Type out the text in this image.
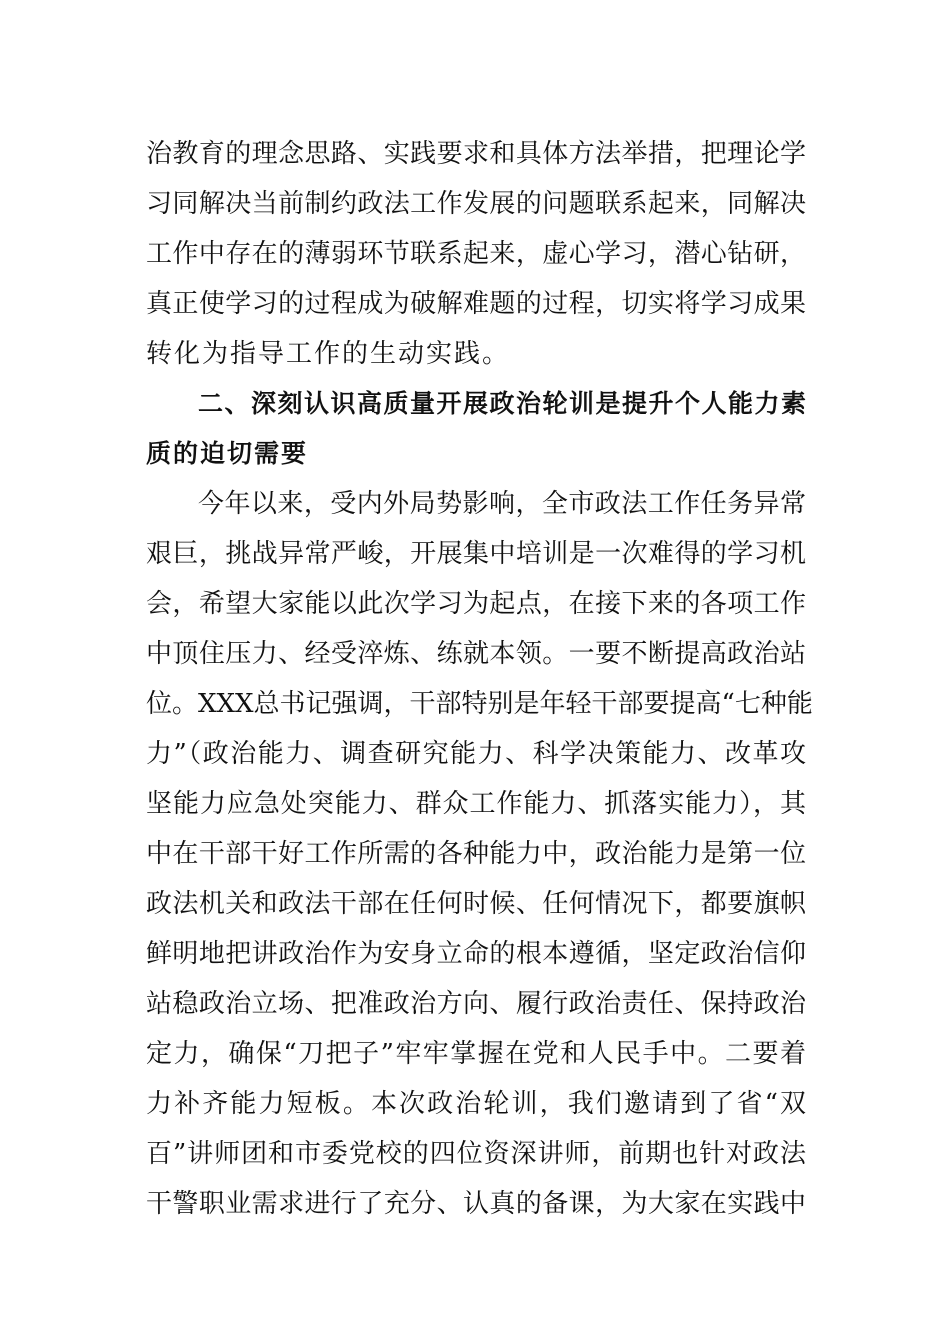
治教育的理念思路、实践要求和具体方法举措，把理论学
习同解决当前制约政法工作发展的问题联系起来，同解决
工作中存在的薄弱环节联系起来，虚心学习，潜心钻研，
真正使学习的过程成为破解难题的过程，切实将学习成果
转化为指导工作的生动实践。
二、深刻认识高质量开展政治轮训是提升个人能力素
质的迫切需要
今年以来，受内外局势影响，全市政法工作任务异常
艰巨，挑战异常严峻，开展集中培训是一次难得的学习机
会，希望大家能以此次学习为起点，在接下来的各项工作
中顶住压力、经受淬炼、练就本领。一要不断提高政治站
位。XXX总书记强调，干部特别是年轻干部要提高“七种能
力”（政治能力、调查研究能力、科学决策能力、改革攻
坚能力应急处突能力、群众工作能力、抓落实能力），其
中在干部干好工作所需的各种能力中，政治能力是第一位
政法机关和政法干部在任何时候、任何情况下，都要旗帜
鲜明地把讲政治作为安身立命的根本遵循，坚定政治信仰
站稳政治立场、把准政治方向、履行政治责任、保持政治
定力，确保“刀把子”牢牢掌握在党和人民手中。二要着
力补齐能力短板。本次政治轮训，我们邀请到了省“双
百”讲师团和市委党校的四位资深讲师，前期也针对政法
干警职业需求进行了充分、认真的备课，为大家在实践中
